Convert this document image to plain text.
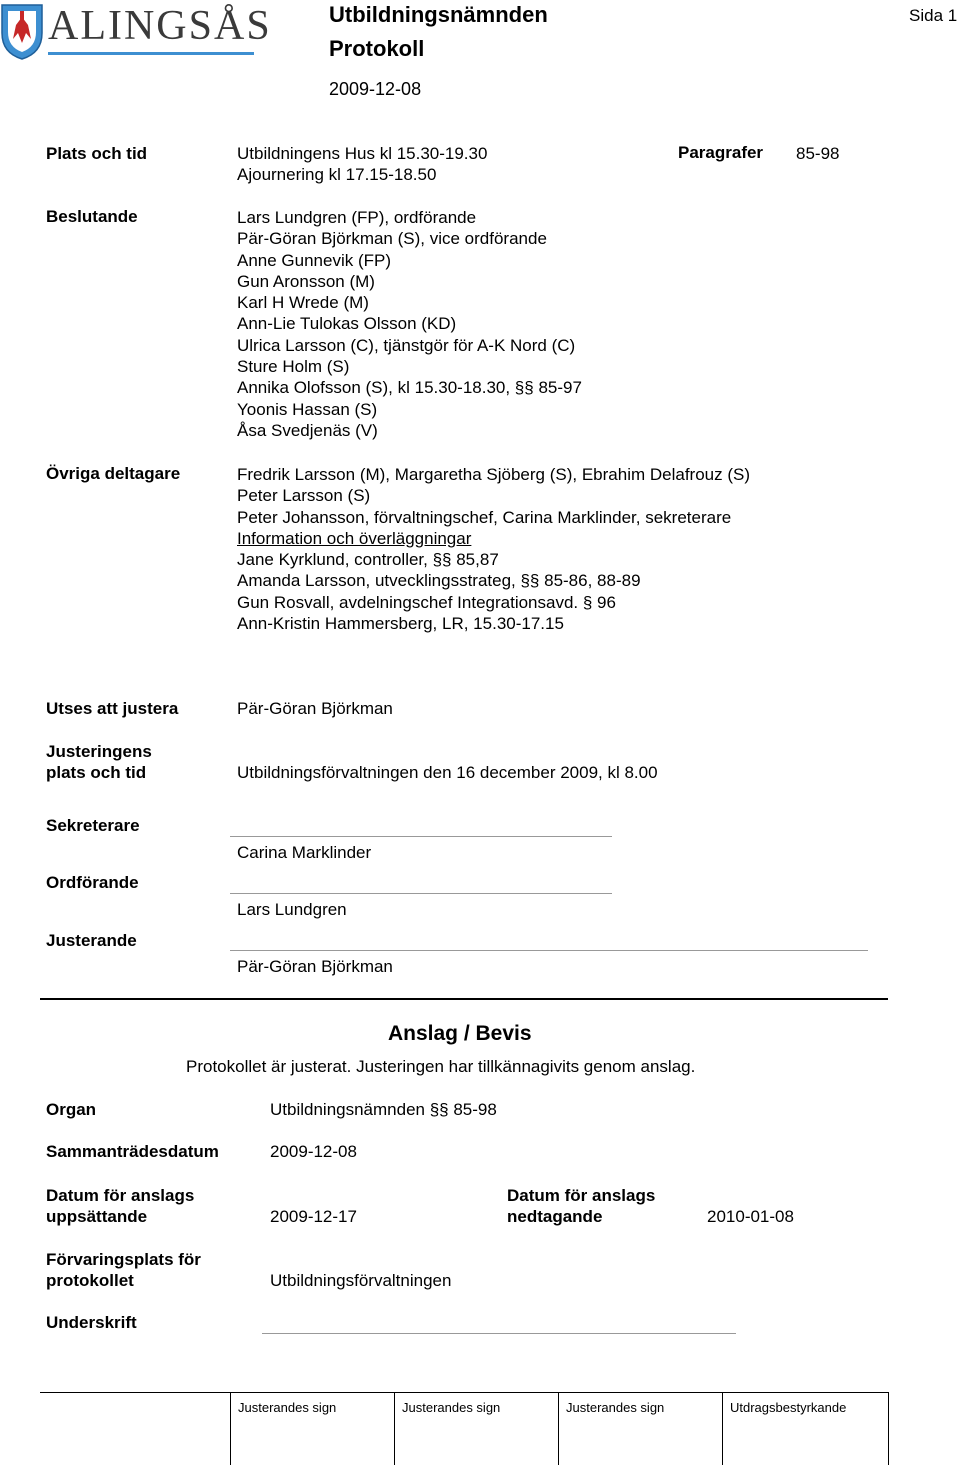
ALINGSÅS	Utbildningsnämnden
Protokoll
2009-12-08
Sida 1
Plats och tid	Utbildningens Hus kl 15.30-19.30
Ajournering kl 17.15-18.50
Paragrafer 85-98
Beslutande	Lars Lundgren (FP), ordförande
Pär-Göran Björkman (S), vice ordförande
Anne Gunnevik (FP)
Gun Aronsson (M)
Karl H Wrede (M)
Ann-Lie Tulokas Olsson (KD)
Ulrica Larsson (C), tjänstgör för A-K Nord (C)
Sture Holm (S)
Annika Olofsson (S), kl 15.30-18.30, §§ 85-97
Yoonis Hassan (S)
Åsa Svedjenäs (V)
Övriga deltagare	Fredrik Larsson (M), Margaretha Sjöberg (S), Ebrahim Delafrouz (S)
Peter Larsson (S)
Peter Johansson, förvaltningschef, Carina Marklinder, sekreterare
Information och överläggningar
Jane Kyrklund, controller, §§ 85,87
Amanda Larsson, utvecklingsstrateg, §§ 85-86, 88-89
Gun Rosvall, avdelningschef Integrationsavd. § 96
Ann-Kristin Hammersberg, LR, 15.30-17.15
Utses att justera	Pär-Göran Björkman
Justeringens
plats och tid	Utbildningsförvaltningen den 16 december 2009, kl 8.00
Sekreterare
Carina Marklinder
Ordförande
Lars Lundgren
Justerande
Pär-Göran Björkman
Anslag / Bevis
Protokollet är justerat. Justeringen har tillkännagivits genom anslag.
Organ	Utbildningsnämnden §§ 85-98
Sammanträdesdatum	2009-12-08
Datum för anslags
uppsättande	2009-12-17
Datum för anslags
nedtagande	2010-01-08
Förvaringsplats för
protokollet	Utbildningsförvaltningen
Underskrift
Justerandes sign	Justerandes sign	Justerandes sign	Utdragsbestyrkande
